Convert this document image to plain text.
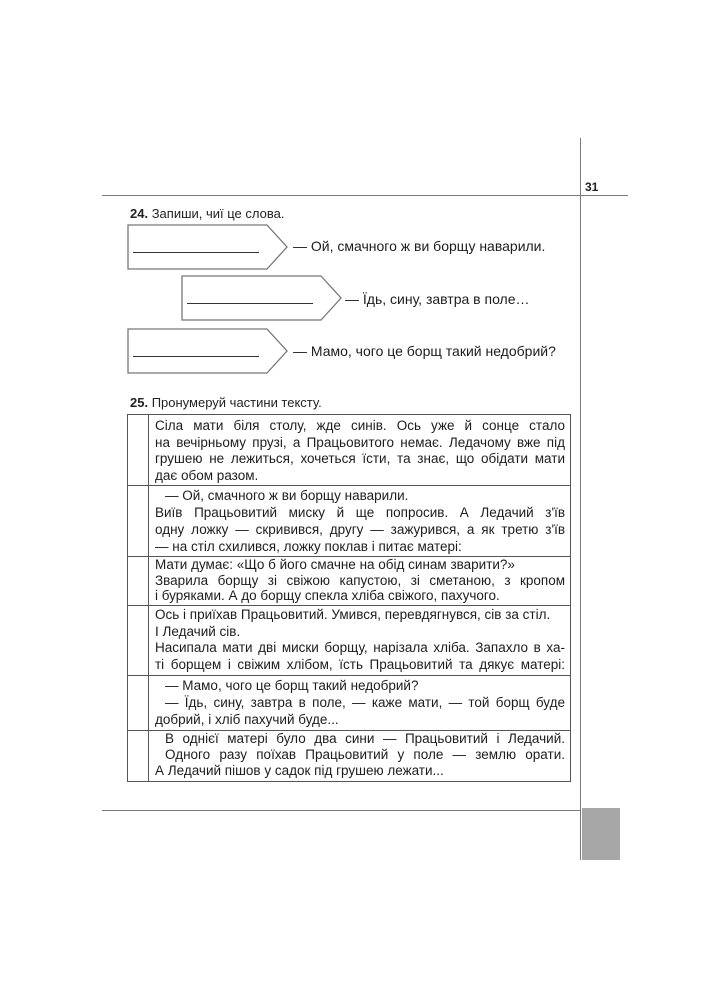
31
24. Запиши, чиї це слова.
— Ой, смачного ж ви борщу наварили.
— Їдь, сину, завтра в поле…
— Мамо, чого це борщ такий недобрий?
25. Пронумеруй частини тексту.

Сіла мати біля столу, жде синів. Ось уже й сонце стало

на вечірньому прузі, а Працьовитого немає. Ледачому вже під

грушею не лежиться, хочеться їсти, та знає, що обідати мати

дає обом разом.

— Ой, смачного ж ви борщу наварили.

Виїв Працьовитий миску й ще попросив. А Ледачий з'їв

одну ложку — скривився, другу — зажурився, а як третю з'їв

— на стіл схилився, ложку поклав і питає матері:

Мати думає: «Що б його смачне на обід синам зварити?»

Зварила борщу зі свіжою капустою, зі сметаною, з кропом

і буряками. А до борщу спекла хліба свіжого, пахучого.

Ось і приїхав Працьовитий. Умився, перевдягнувся, сів за стіл.

І Ледачий сів.

Насипала мати дві миски борщу, нарізала хліба. Запахло в ха-

ті борщем і свіжим хлібом, їсть Працьовитий та дякує матері:

— Мамо, чого це борщ такий недобрий?

— Їдь, сину, завтра в поле, — каже мати, — той борщ буде

добрий, і хліб пахучий буде...

В однієї матері було два сини — Працьовитий і Ледачий.

Одного разу поїхав Працьовитий у поле — землю орати.

А Ледачий пішов у садок під грушею лежати...
